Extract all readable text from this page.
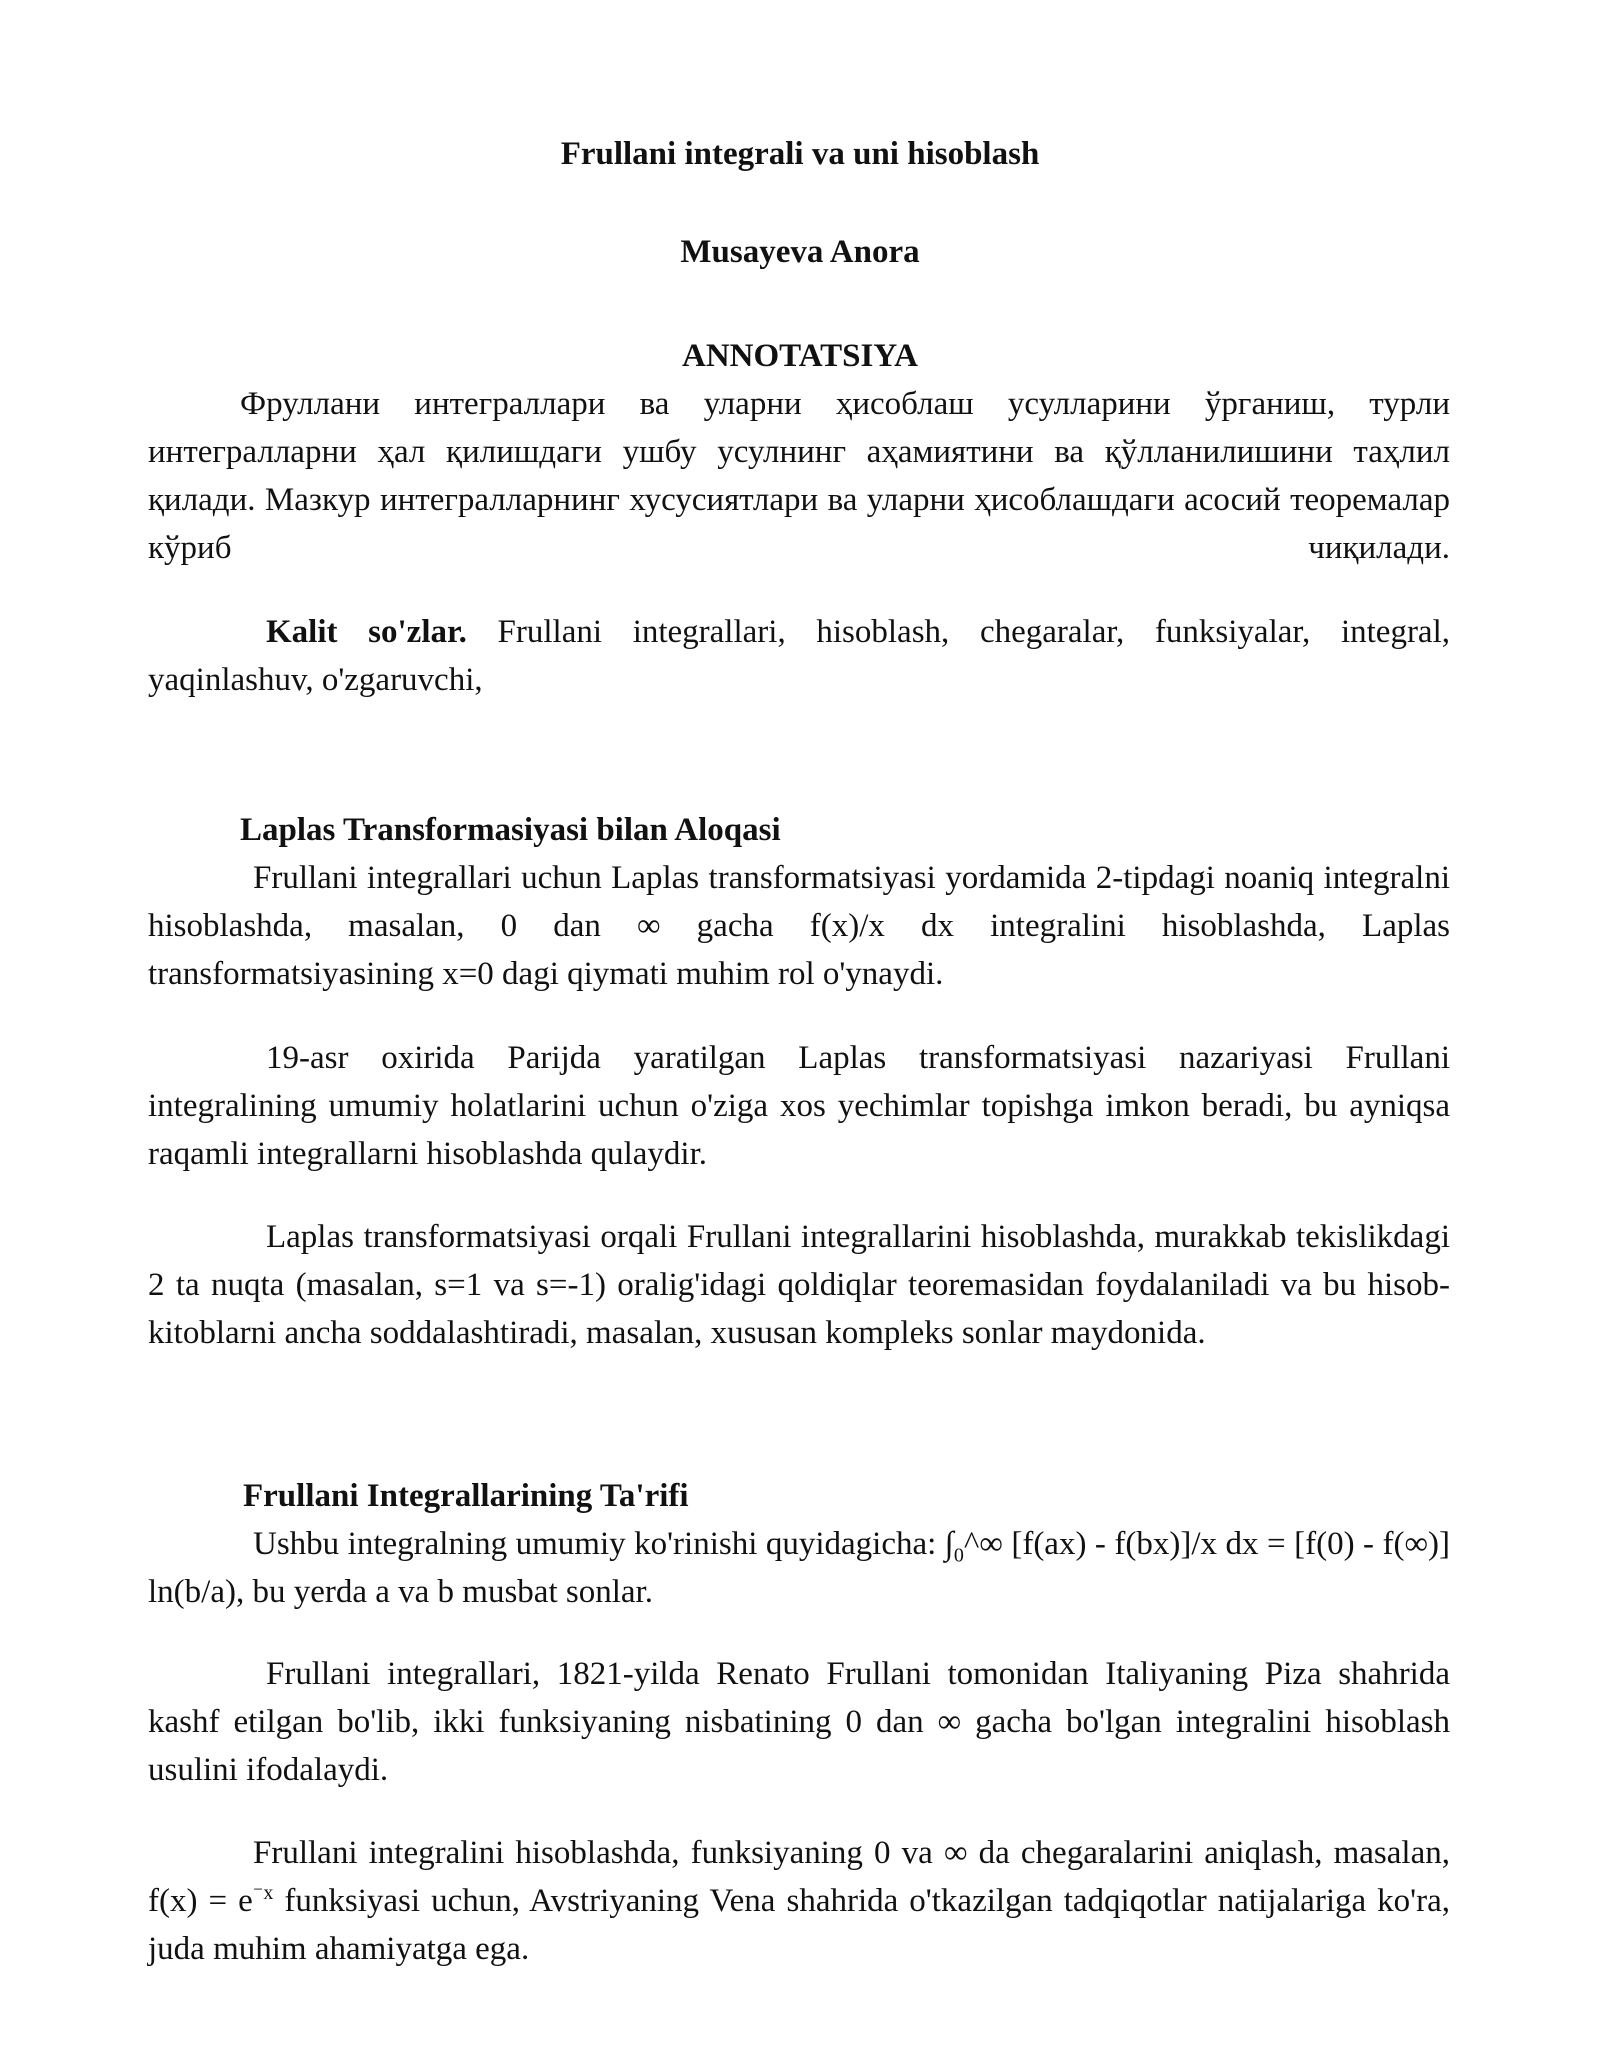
Frullani integrali va uni hisoblash
Musayeva Anora
ANNOTATSIYA

Фруллани интеграллари ва уларни ҳисоблаш усулларини ўрганиш, турли интегралларни ҳал қилишдаги ушбу усулнинг аҳамиятини ва қўлланилишини таҳлил қилади. Мазкур интегралларнинг хусусиятлари ва уларни ҳисоблашдаги асосий теоремалар кўриб чиқилади.

Kalit so'zlar. Frullani integrallari, hisoblash, chegaralar, funksiyalar, integral, yaqinlashuv, o'zgaruvchi,

Laplas Transformasiyasi bilan Aloqasi

Frullani integrallari uchun Laplas transformatsiyasi yordamida 2-tipdagi noaniq integralni hisoblashda, masalan, 0 dan ∞ gacha f(x)/x dx integralini hisoblashda, Laplas transformatsiyasining x=0 dagi qiymati muhim rol o'ynaydi.

19-asr oxirida Parijda yaratilgan Laplas transformatsiyasi nazariyasi Frullani integralining umumiy holatlarini uchun o'ziga xos yechimlar topishga imkon beradi, bu ayniqsa raqamli integrallarni hisoblashda qulaydir.

Laplas transformatsiyasi orqali Frullani integrallarini hisoblashda, murakkab tekislikdagi 2 ta nuqta (masalan, s=1 va s=-1) oralig'idagi qoldiqlar teoremasidan foydalaniladi va bu hisob-kitoblarni ancha soddalashtiradi, masalan, xususan kompleks sonlar maydonida.

Frullani Integrallarining Ta'rifi

Ushbu integralning umumiy ko'rinishi quyidagicha: $\int_0\^{}\infty$ [f(ax) - f(bx)]/x dx = [f(0) - f(∞)] ln(b/a), bu yerda a va b musbat sonlar.

Frullani integrallari, 1821-yilda Renato Frullani tomonidan Italiyaning Piza shahrida kashf etilgan bo'lib, ikki funksiyaning nisbatining 0 dan ∞ gacha bo'lgan integralini hisoblash usulini ifodalaydi.

Frullani integralini hisoblashda, funksiyaning 0 va ∞ da chegaralarini aniqlash, masalan, $f(x) = e^{^-x}$ funksiyasi uchun, Avstriyaning Vena shahrida o'tkazilgan tadqiqotlar natijalariga ko'ra, juda muhim ahamiyatga ega.
